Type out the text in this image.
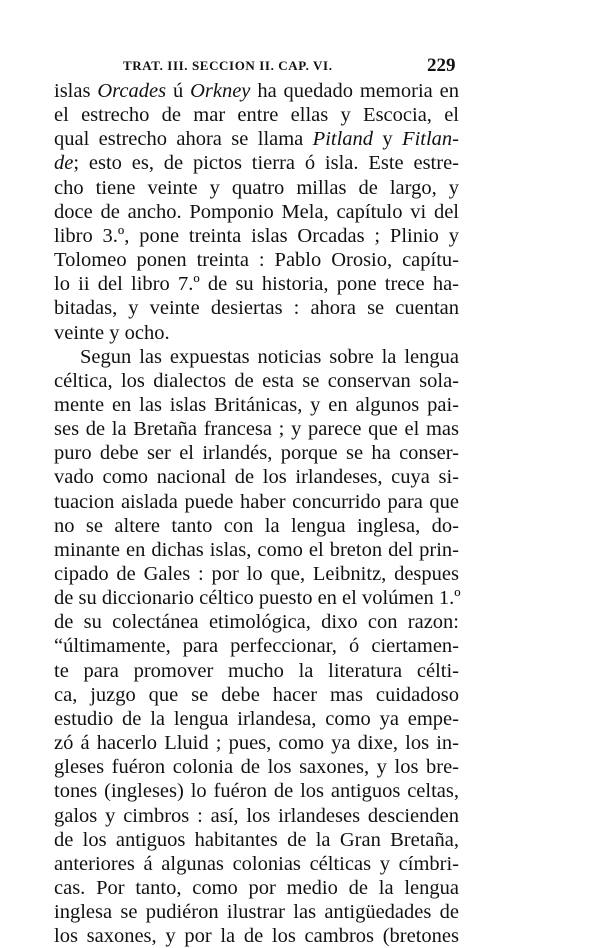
TRAT. III. SECCION II. CAP. VI.	229
islas Orcades ú Orkney ha quedado memoria en
el estrecho de mar entre ellas y Escocia, el
qual estrecho ahora se llama Pitland y Fitlan-
de; esto es, de pictos tierra ó isla. Este estre-
cho tiene veinte y quatro millas de largo, y
doce de ancho. Pomponio Mela, capítulo vi del
libro 3.º, pone treinta islas Orcadas ; Plinio y
Tolomeo ponen treinta : Pablo Orosio, capítu-
lo ii del libro 7.º de su historia, pone trece ha-
bitadas, y veinte desiertas : ahora se cuentan
veinte y ocho.
Segun las expuestas noticias sobre la lengua
céltica, los dialectos de esta se conservan sola-
mente en las islas Británicas, y en algunos pai-
ses de la Bretaña francesa ; y parece que el mas
puro debe ser el irlandés, porque se ha conser-
vado como nacional de los irlandeses, cuya si-
tuacion aislada puede haber concurrido para que
no se altere tanto con la lengua inglesa, do-
minante en dichas islas, como el breton del prin-
cipado de Gales : por lo que, Leibnitz, despues
de su diccionario céltico puesto en el volúmen 1.º
de su colectánea etimológica, dixo con razon:
“últimamente, para perfeccionar, ó ciertamen-
te para promover mucho la literatura célti-
ca, juzgo que se debe hacer mas cuidadoso
estudio de la lengua irlandesa, como ya empe-
zó á hacerlo Lluid ; pues, como ya dixe, los in-
gleses fuéron colonia de los saxones, y los bre-
tones (ingleses) lo fuéron de los antiguos celtas,
galos y cimbros : así, los irlandeses descienden
de los antiguos habitantes de la Gran Bretaña,
anteriores á algunas colonias célticas y címbri-
cas. Por tanto, como por medio de la lengua
inglesa se pudiéron ilustrar las antigüedades de
los saxones, y por la de los cambros (bretones
